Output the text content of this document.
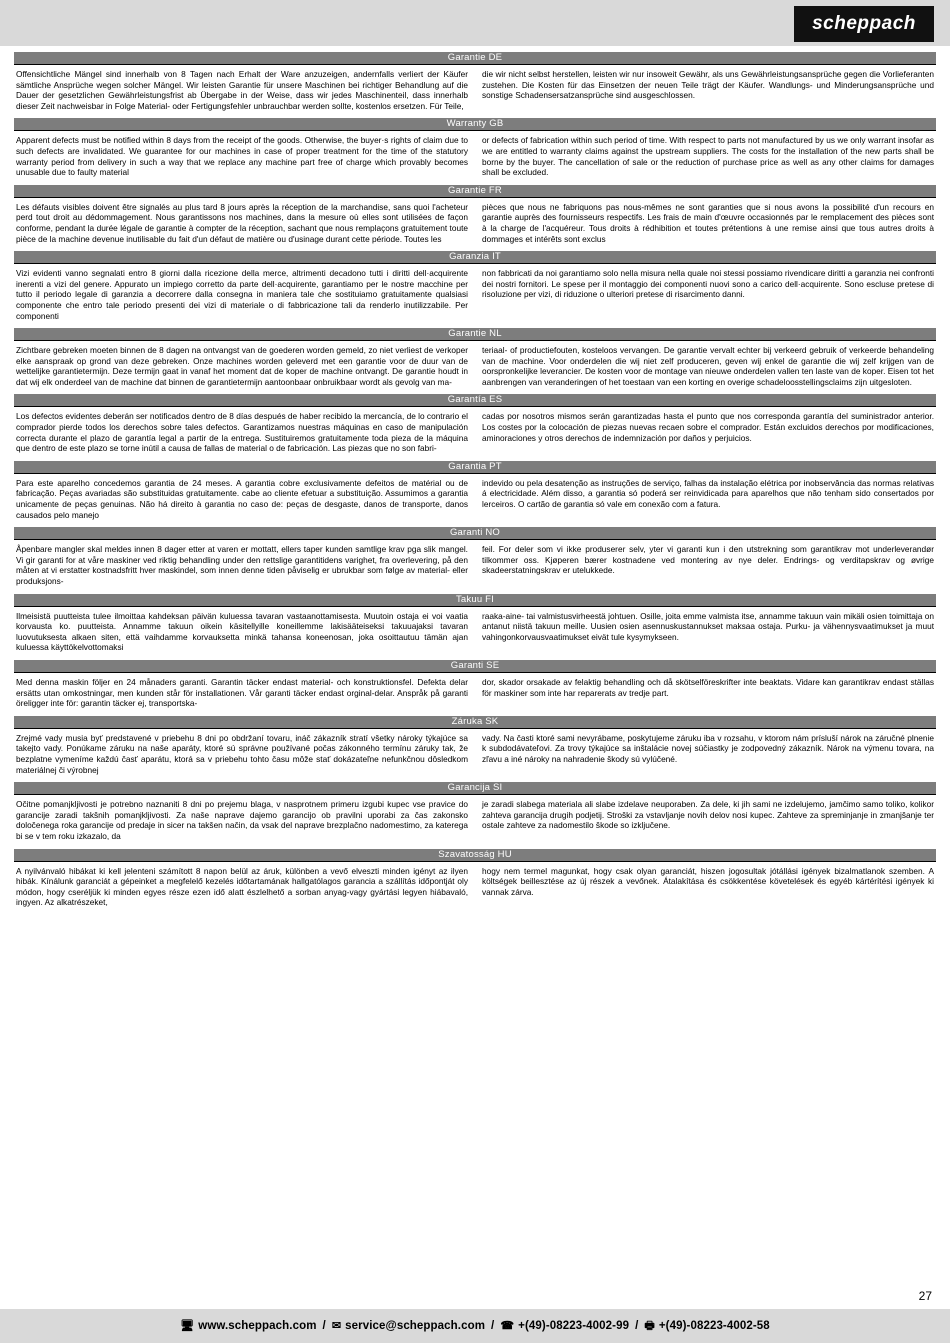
scheppach
Garantie DE
Offensichtliche Mängel sind innerhalb von 8 Tagen nach Erhalt der Ware anzuzeigen, andernfalls verliert der Käufer sämtliche Ansprüche wegen solcher Mängel. Wir leisten Garantie für unsere Maschinen bei richtiger Behandlung auf die Dauer der gesetzlichen Gewährleistungsfrist ab Übergabe in der Weise, dass wir jedes Maschinenteil, dass innerhalb dieser Zeit nachweisbar in Folge Material- oder Fertigungsfehler unbrauchbar werden sollte, kostenlos ersetzen. Für Teile,
die wir nicht selbst herstellen, leisten wir nur insoweit Gewähr, als uns Gewährleistungsansprüche gegen die Vorlieferanten zustehen. Die Kosten für das Einsetzen der neuen Teile trägt der Käufer. Wandlungs- und Minderungsansprüche und sonstige Schadensersatzansprüche sind ausgeschlossen.
Warranty GB
Apparent defects must be notified within 8 days from the receipt of the goods. Otherwise, the buyer·s rights of claim due to such defects are invalidated. We guarantee for our machines in case of proper treatment for the time of the statutory warranty period from delivery in such a way that we replace any machine part free of charge which provably becomes unusable due to faulty material
or defects of fabrication within such period of time. With respect to parts not manufactured by us we only warrant insofar as we are entitled to warranty claims against the upstream suppliers. The costs for the installation of the new parts shall be borne by the buyer. The cancellation of sale or the reduction of purchase price as well as any other claims for damages shall be excluded.
Garantie FR
Les défauts visibles doivent être signalés au plus tard 8 jours après la réception de la marchandise, sans quoi l'acheteur perd tout droit au dédommagement. Nous garantissons nos machines, dans la mesure où elles sont utilisées de façon conforme, pendant la durée légale de garantie à compter de la réception, sachant que nous remplaçons gratuitement toute pièce de la machine devenue inutilisable du fait d'un défaut de matière ou d'usinage durant cette période. Toutes les
pièces que nous ne fabriquons pas nous-mêmes ne sont garanties que si nous avons la possibilité d'un recours en garantie auprès des fournisseurs respectifs. Les frais de main d'œuvre occasionnés par le remplacement des pièces sont à la charge de l'acquéreur. Tous droits à rédhibition et toutes prétentions à une remise ainsi que tous autres droits à dommages et intérêts sont exclus
Garanzia IT
Vizi evidenti vanno segnalati entro 8 giorni dalla ricezione della merce, altrimenti decadono tutti i diritti dell·acquirente inerenti a vizi del genere. Appurato un impiego corretto da parte dell·acquirente, garantiamo per le nostre macchine per tutto il periodo legale di garanzia a decorrere dalla consegna in maniera tale che sostituiamo gratuitamente qualsiasi componente che entro tale periodo presenti dei vizi di materiale o di fabbricazione tali da renderlo inutilizzabile. Per componenti
non fabbricati da noi garantiamo solo nella misura nella quale noi stessi possiamo rivendicare diritti a garanzia nei confronti dei nostri fornitori. Le spese per il montaggio dei componenti nuovi sono a carico dell·acquirente. Sono escluse pretese di risoluzione per vizi, di riduzione o ulteriori pretese di risarcimento danni.
Garantie NL
Zichtbare gebreken moeten binnen de 8 dagen na ontvangst van de goederen worden gemeld, zo niet verliest de verkoper elke aanspraak op grond van deze gebreken. Onze machines worden geleverd met een garantie voor de duur van de wettelijke garantietermijn. Deze termijn gaat in vanaf het moment dat de koper de machine ontvangt. De garantie houdt in dat wij elk onderdeel van de machine dat binnen de garantietermijn aantoonbaar onbruikbaar wordt als gevolg van ma-
teriaal- of productiefouten, kosteloos vervangen. De garantie vervalt echter bij verkeerd gebruik of verkeerde behandeling van de machine. Voor onderdelen die wij niet zelf produceren, geven wij enkel de garantie die wij zelf krijgen van de oorspronkelijke leverancier. De kosten voor de montage van nieuwe onderdelen vallen ten laste van de koper. Eisen tot het aanbrengen van veranderingen of het toestaan van een korting en overige schadeloosstellingsclaims zijn uitgesloten.
Garantía ES
Los defectos evidentes deberán ser notificados dentro de 8 días después de haber recibido la mercancía, de lo contrario el comprador pierde todos los derechos sobre tales defectos. Garantizamos nuestras máquinas en caso de manipulación correcta durante el plazo de garantía legal a partir de la entrega. Sustituiremos gratuitamente toda pieza de la máquina que dentro de este plazo se torne inútil a causa de fallas de material o de fabricación. Las piezas que no son fabri-
cadas por nosotros mismos serán garantizadas hasta el punto que nos corresponda garantía del suministrador anterior. Los costes por la colocación de piezas nuevas recaen sobre el comprador. Están excluidos derechos por modificaciones, aminoraciones y otros derechos de indemnización por daños y perjuicios.
Garantia PT
Para este aparelho concedemos garantia de 24 meses. A garantia cobre exclusivamente defeitos de matérial ou de fabricação. Peças avariadas são substituidas gratuitamente. cabe ao cliente efetuar a substituição. Assumimos a garantia unicamente de peças genuinas. Não há direito à garantia no caso de: peças de desgaste, danos de transporte, danos causados pelo manejo
indevido ou pela desatenção as instruções de serviço, falhas da instalação elétrica por inobservância das normas relativas á electricidade. Além disso, a garantia só poderá ser reinvidicada para aparelhos que não tenham sido consertados por lerceiros. O cartão de garantia só vale em conexão com a fatura.
Garanti NO
Åpenbare mangler skal meldes innen 8 dager etter at varen er mottatt, ellers taper kunden samtlige krav pga slik mangel. Vi gir garanti for at våre maskiner ved riktig behandling under den rettslige garantitidens varighet, fra overlevering, på den måten at vi erstatter kostnadsfritt hver maskindel, som innen denne tiden påviselig er ubrukbar som følge av material- eller produksjons-
feil. For deler som vi ikke produserer selv, yter vi garanti kun i den utstrekning som garantikrav mot underleverandør tilkommer oss. Kjøperen bærer kostnadene ved montering av nye deler. Endrings- og verditapskrav og øvrige skadeerstatningskrav er utelukkede.
Takuu FI
Ilmeisistä puutteista tulee ilmoittaa kahdeksan päivän kuluessa tavaran vastaanottamisesta. Muutoin ostaja ei voi vaatia korvausta ko. puutteista. Annamme takuun oikein käsitellyille koneillemme lakisääteiseksi takuuajaksi tavaran luovutuksesta alkaen siten, että vaihdamme korvauksetta minkä tahansa koneenosan, joka osoittautuu tämän ajan kuluessa käyttökelvottomaksi
raaka-aine- tai valmistusvirheestä johtuen. Osille, joita emme valmista itse, annamme takuun vain mikäli osien toimittaja on antanut niistä takuun meille. Uusien osien asennuskustannukset maksaa ostaja. Purku- ja vähennysvaatimukset ja muut vahingonkorvausvaatimukset eivät tule kysymykseen.
Garanti SE
Med denna maskin följer en 24 månaders garanti. Garantin täcker endast material- och konstruktionsfel. Defekta delar ersätts utan omkostningar, men kunden står för installationen. Vår garanti täcker endast orginal-delar. Anspråk på garanti öreligger inte för: garantin täcker ej, transportska-
dor, skador orsakade av felaktig behandling och då skötselföreskrifter inte beaktats. Vidare kan garantikrav endast ställas för maskiner som inte har reparerats av tredje part.
Záruka SK
Zrejmé vady musia byť predstavené v priebehu 8 dni po obdržaní tovaru, ináč zákazník stratí všetky nároky týkajúce sa takejto vady. Ponúkame záruku na naše aparáty, ktoré sú správne používané počas zákonného termínu záruky tak, že bezplatne vymeníme každú časť aparátu, ktorá sa v priebehu tohto času môže stať dokázateľne nefunkčnou dôsledkom materiálnej či výrobnej
vady. Na časti ktoré sami nevyrábame, poskytujeme záruku iba v rozsahu, v ktorom nám prísluší nárok na záručné plnenie k subdodávateľovi. Za trovy týkajúce sa inštalácie novej súčiastky je zodpovedný zákazník. Nárok na výmenu tovara, na zľavu a iné nároky na nahradenie škody sú vylúčené.
Garancija SI
Očitne pomanjkljivosti je potrebno naznaniti 8 dni po prejemu blaga, v nasprotnem primeru izgubi kupec vse pravice do garancije zaradi takšnih pomanjkljivosti. Za naše naprave dajemo garancijo ob pravilni uporabi za čas zakonsko določenega roka garancije od predaje in sicer na takšen način, da vsak del naprave brezplačno nadomestimo, za katerega bi se v tem roku izkazalo, da
je zaradi slabega materiala ali slabe izdelave neuporaben. Za dele, ki jih sami ne izdelujemo, jamčimo samo toliko, kolikor zahteva garancija drugih podjetij. Stroški za vstavljanje novih delov nosi kupec. Zahteve za spreminjanje in zmanjšanje ter ostale zahteve za nadomestilo škode so izključene.
Szavatosság HU
A nyilvánvaló hibákat ki kell jelenteni számított 8 napon belül az áruk, különben a vevő elveszti minden igényt az ilyen hibák. Kínálunk garanciát a gépeinket a megfelelő kezelés időtartamának hallgatólagos garancia a szállítás időpontját oly módon, hogy cseréljük ki minden egyes része ezen idő alatt észlelhető a sorban anyag-vagy gyártási legyen hiábavaló, ingyen. Az alkatrészeket,
hogy nem termel magunkat, hogy csak olyan garanciát, hiszen jogosultak jótállási igények bizalmatlanok szemben. A költségek beillesztése az új részek a vevőnek. Átalakítása és csökkentése követelések és egyéb kártérítési igények ki vannak zárva.
27
🖥 www.scheppach.com / ✉ service@scheppach.com / ☎ +(49)-08223-4002-99 / 🖶 +(49)-08223-4002-58
